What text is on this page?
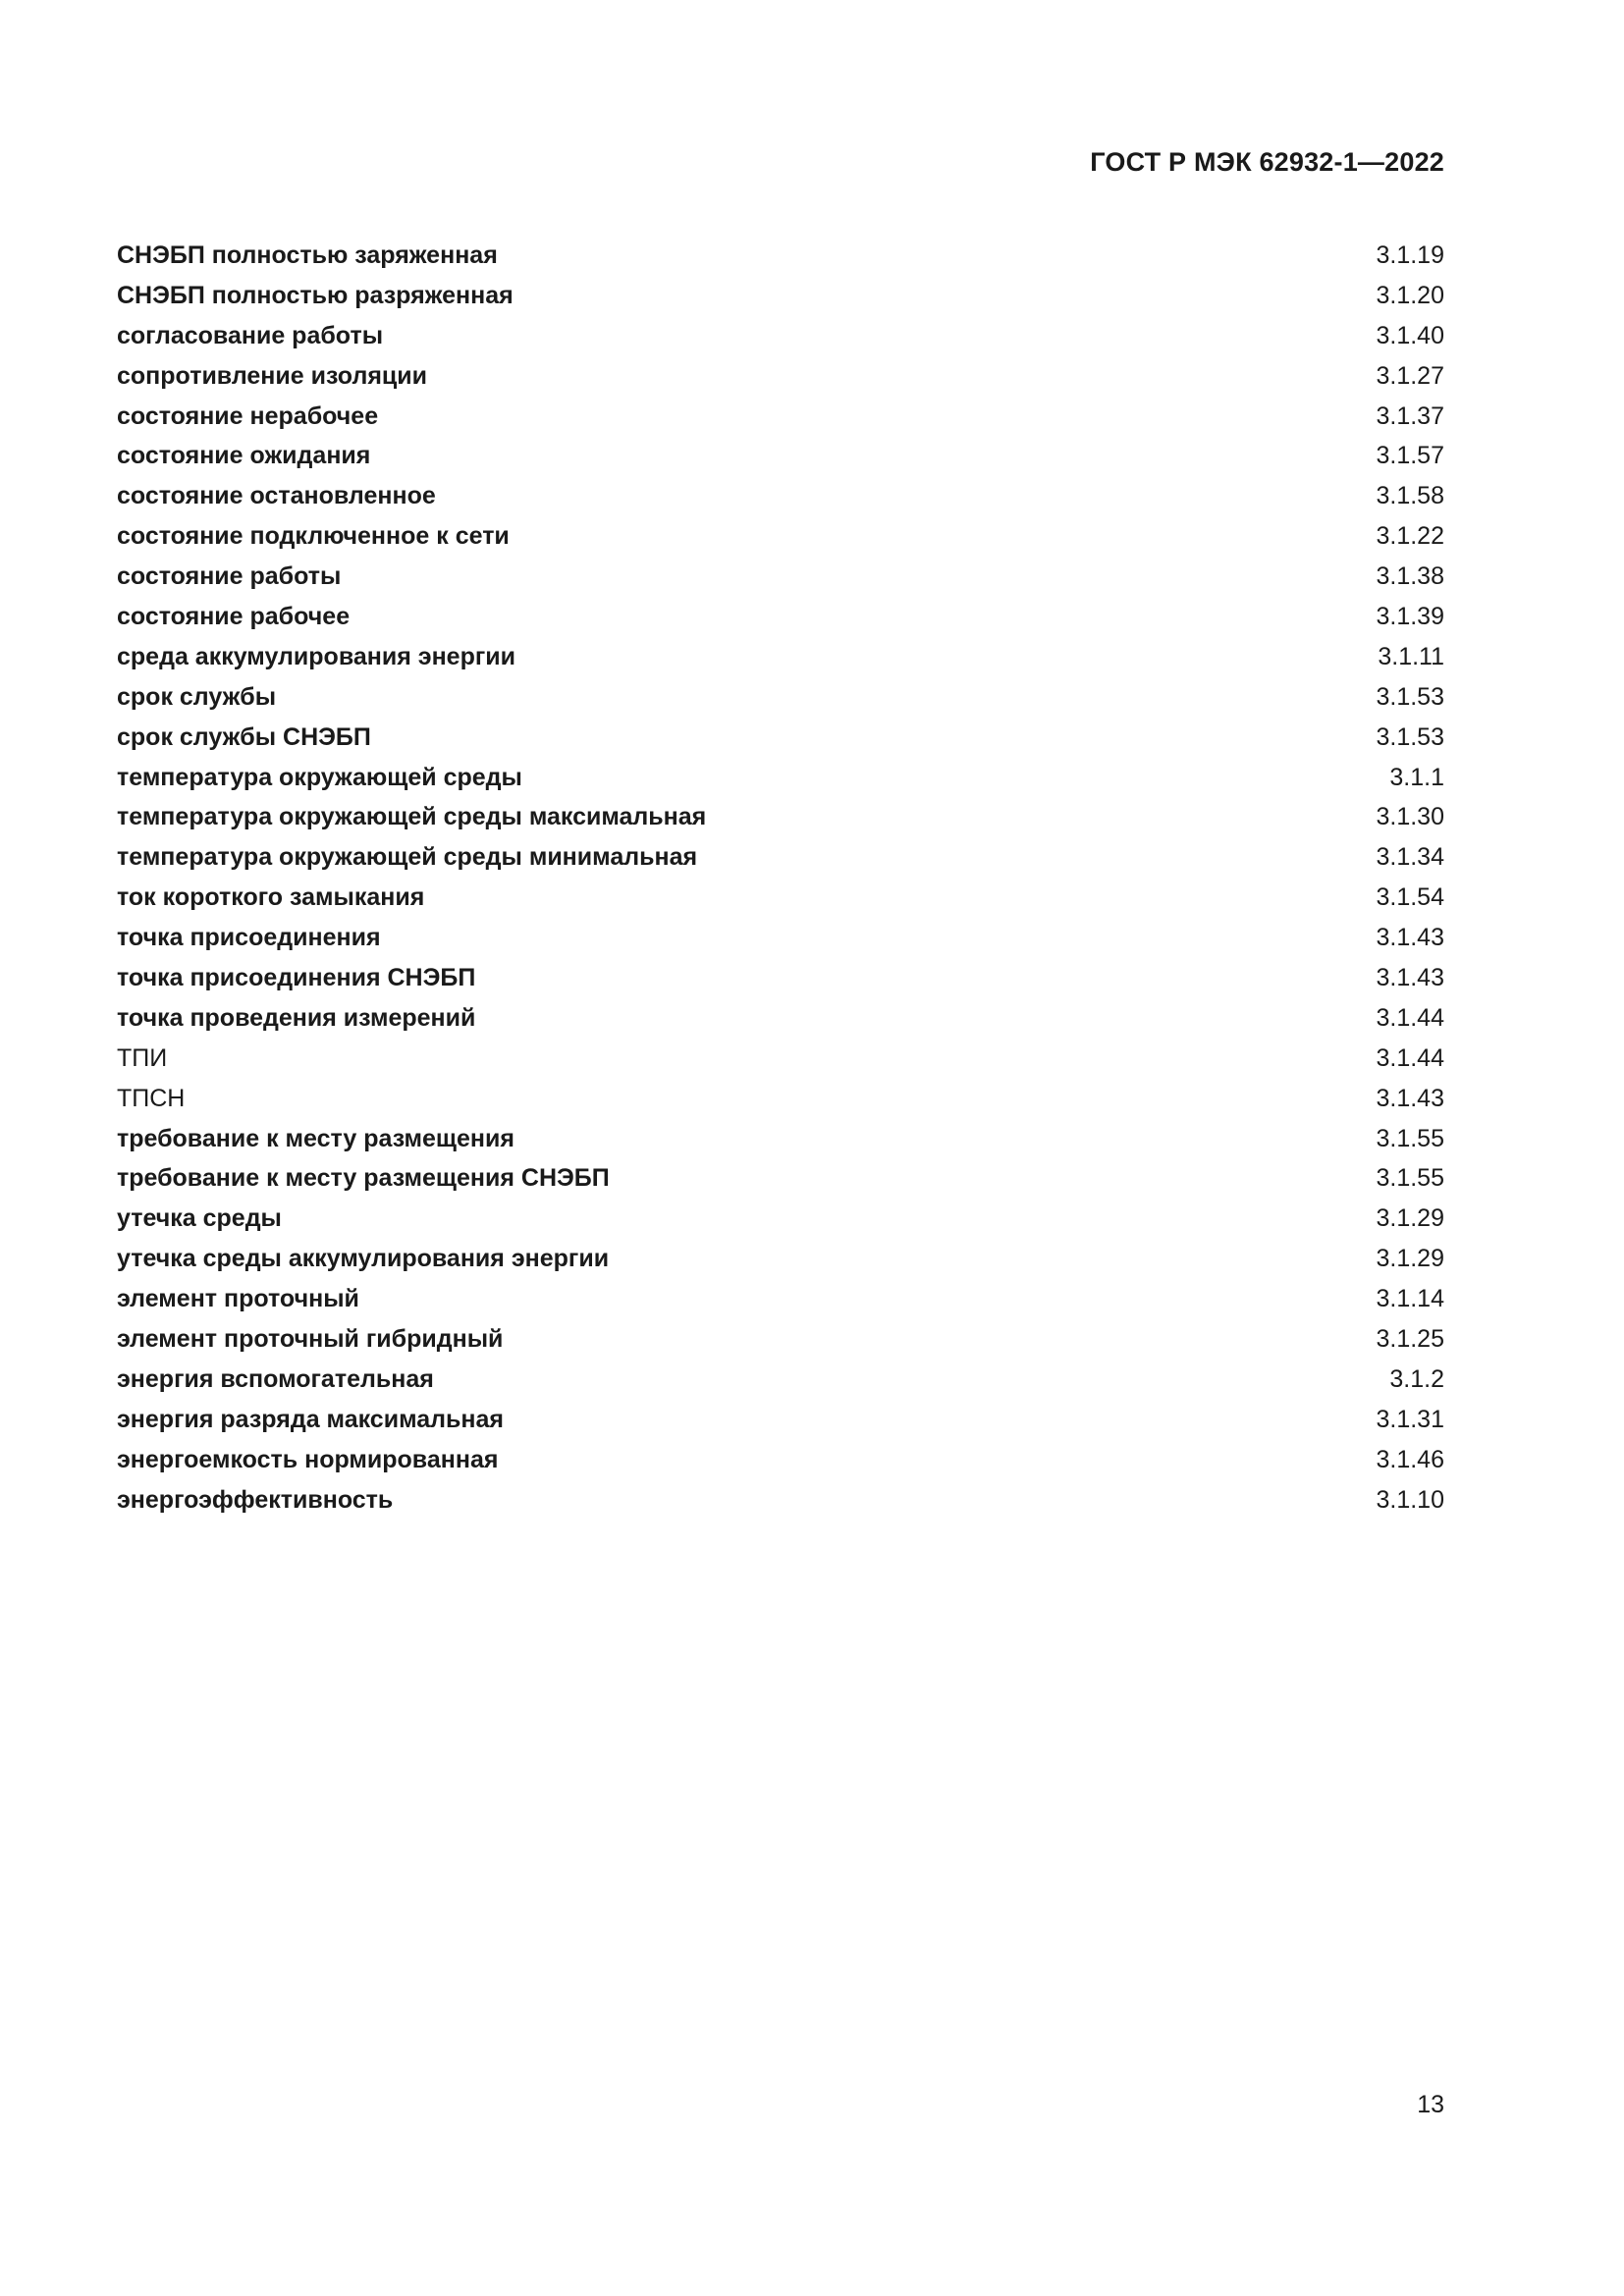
ГОСТ Р МЭК 62932-1—2022
СНЭБП полностью заряженная	3.1.19
СНЭБП полностью разряженная	3.1.20
согласование работы	3.1.40
сопротивление изоляции	3.1.27
состояние нерабочее	3.1.37
состояние ожидания	3.1.57
состояние остановленное	3.1.58
состояние подключенное к сети	3.1.22
состояние работы	3.1.38
состояние рабочее	3.1.39
среда аккумулирования энергии	3.1.11
срок службы	3.1.53
срок службы СНЭБП	3.1.53
температура окружающей среды	3.1.1
температура окружающей среды максимальная	3.1.30
температура окружающей среды минимальная	3.1.34
ток короткого замыкания	3.1.54
точка присоединения	3.1.43
точка присоединения СНЭБП	3.1.43
точка проведения измерений	3.1.44
ТПИ	3.1.44
ТПСН	3.1.43
требование к месту размещения	3.1.55
требование к месту размещения СНЭБП	3.1.55
утечка среды	3.1.29
утечка среды аккумулирования энергии	3.1.29
элемент проточный	3.1.14
элемент проточный гибридный	3.1.25
энергия вспомогательная	3.1.2
энергия разряда максимальная	3.1.31
энергоемкость нормированная	3.1.46
энергоэффективность	3.1.10
13
